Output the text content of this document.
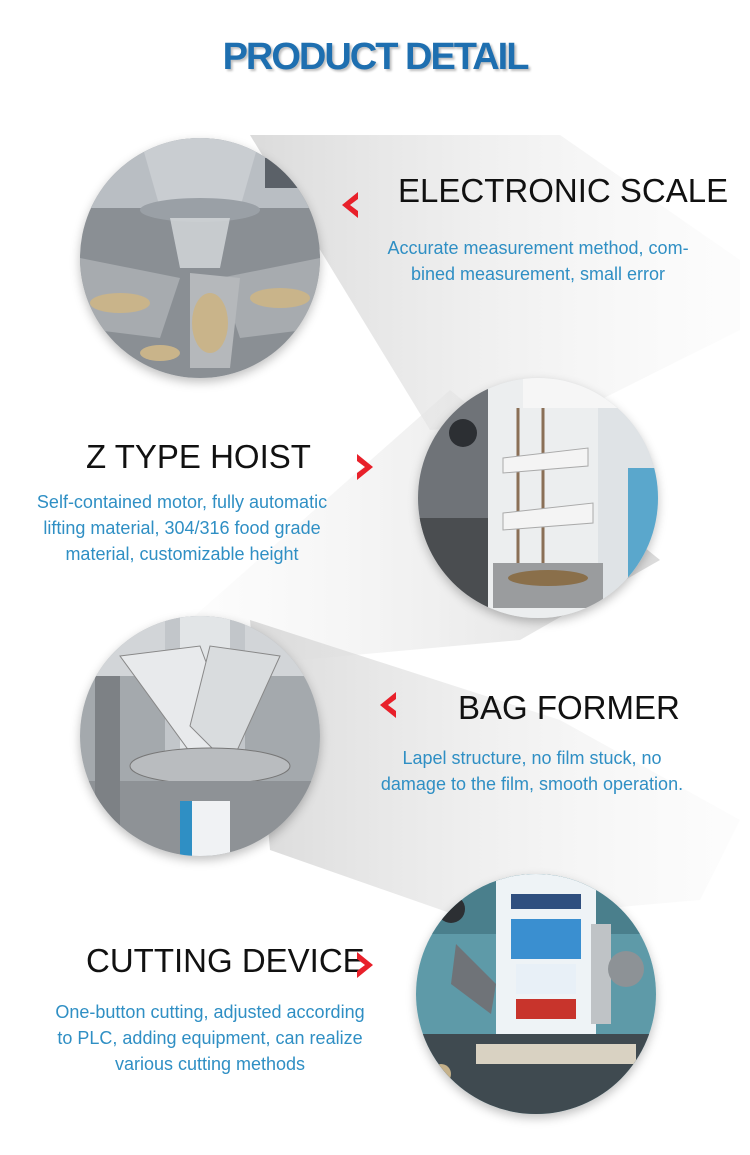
PRODUCT DETAIL
ELECTRONIC SCALE
Accurate measurement method, com-
bined measurement, small error
Z TYPE HOIST
Self-contained motor, fully automatic
lifting material, 304/316 food grade
material, customizable height
BAG FORMER
Lapel structure, no film stuck, no
damage to the film, smooth operation.
CUTTING DEVICE
One-button cutting, adjusted according
to PLC, adding equipment, can realize
various cutting methods
